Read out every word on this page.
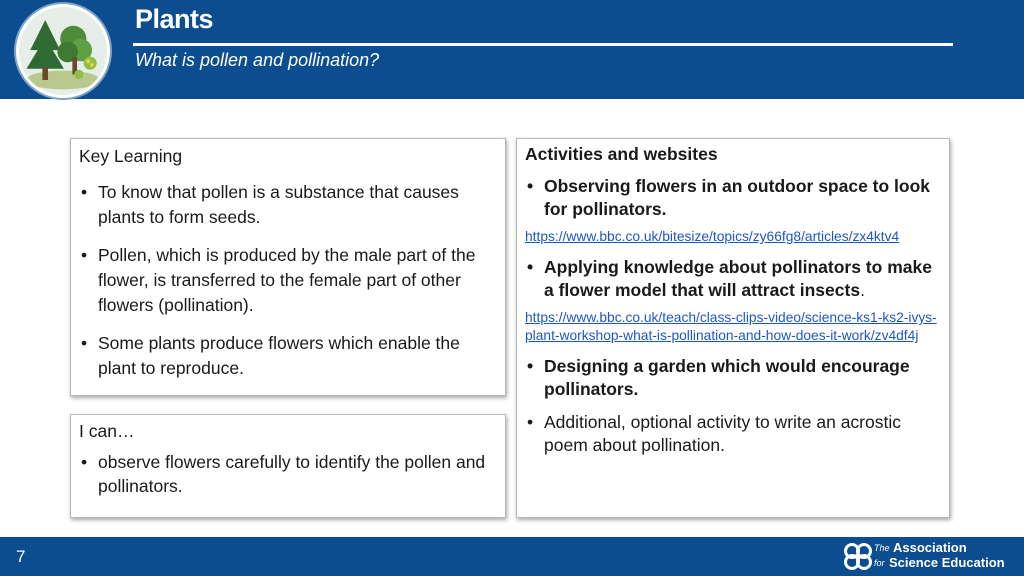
Plants
What is pollen and pollination?
Key Learning
• To know that pollen is a substance that causes plants to form seeds.
• Pollen, which is produced by the male part of the flower, is transferred to the female part of other flowers (pollination).
• Some plants produce flowers which enable the plant to reproduce.
I can…
• observe flowers carefully to identify the pollen and pollinators.
Activities and websites
• Observing flowers in an outdoor space to look for pollinators.
https://www.bbc.co.uk/bitesize/topics/zy66fg8/articles/zx4ktv4
• Applying knowledge about pollinators to make a flower model that will attract insects.
https://www.bbc.co.uk/teach/class-clips-video/science-ks1-ks2-ivys-plant-workshop-what-is-pollination-and-how-does-it-work/zv4df4j
• Designing a garden which would encourage pollinators.
• Additional, optional activity to write an acrostic poem about pollination.
7	The Association
for Science Education
